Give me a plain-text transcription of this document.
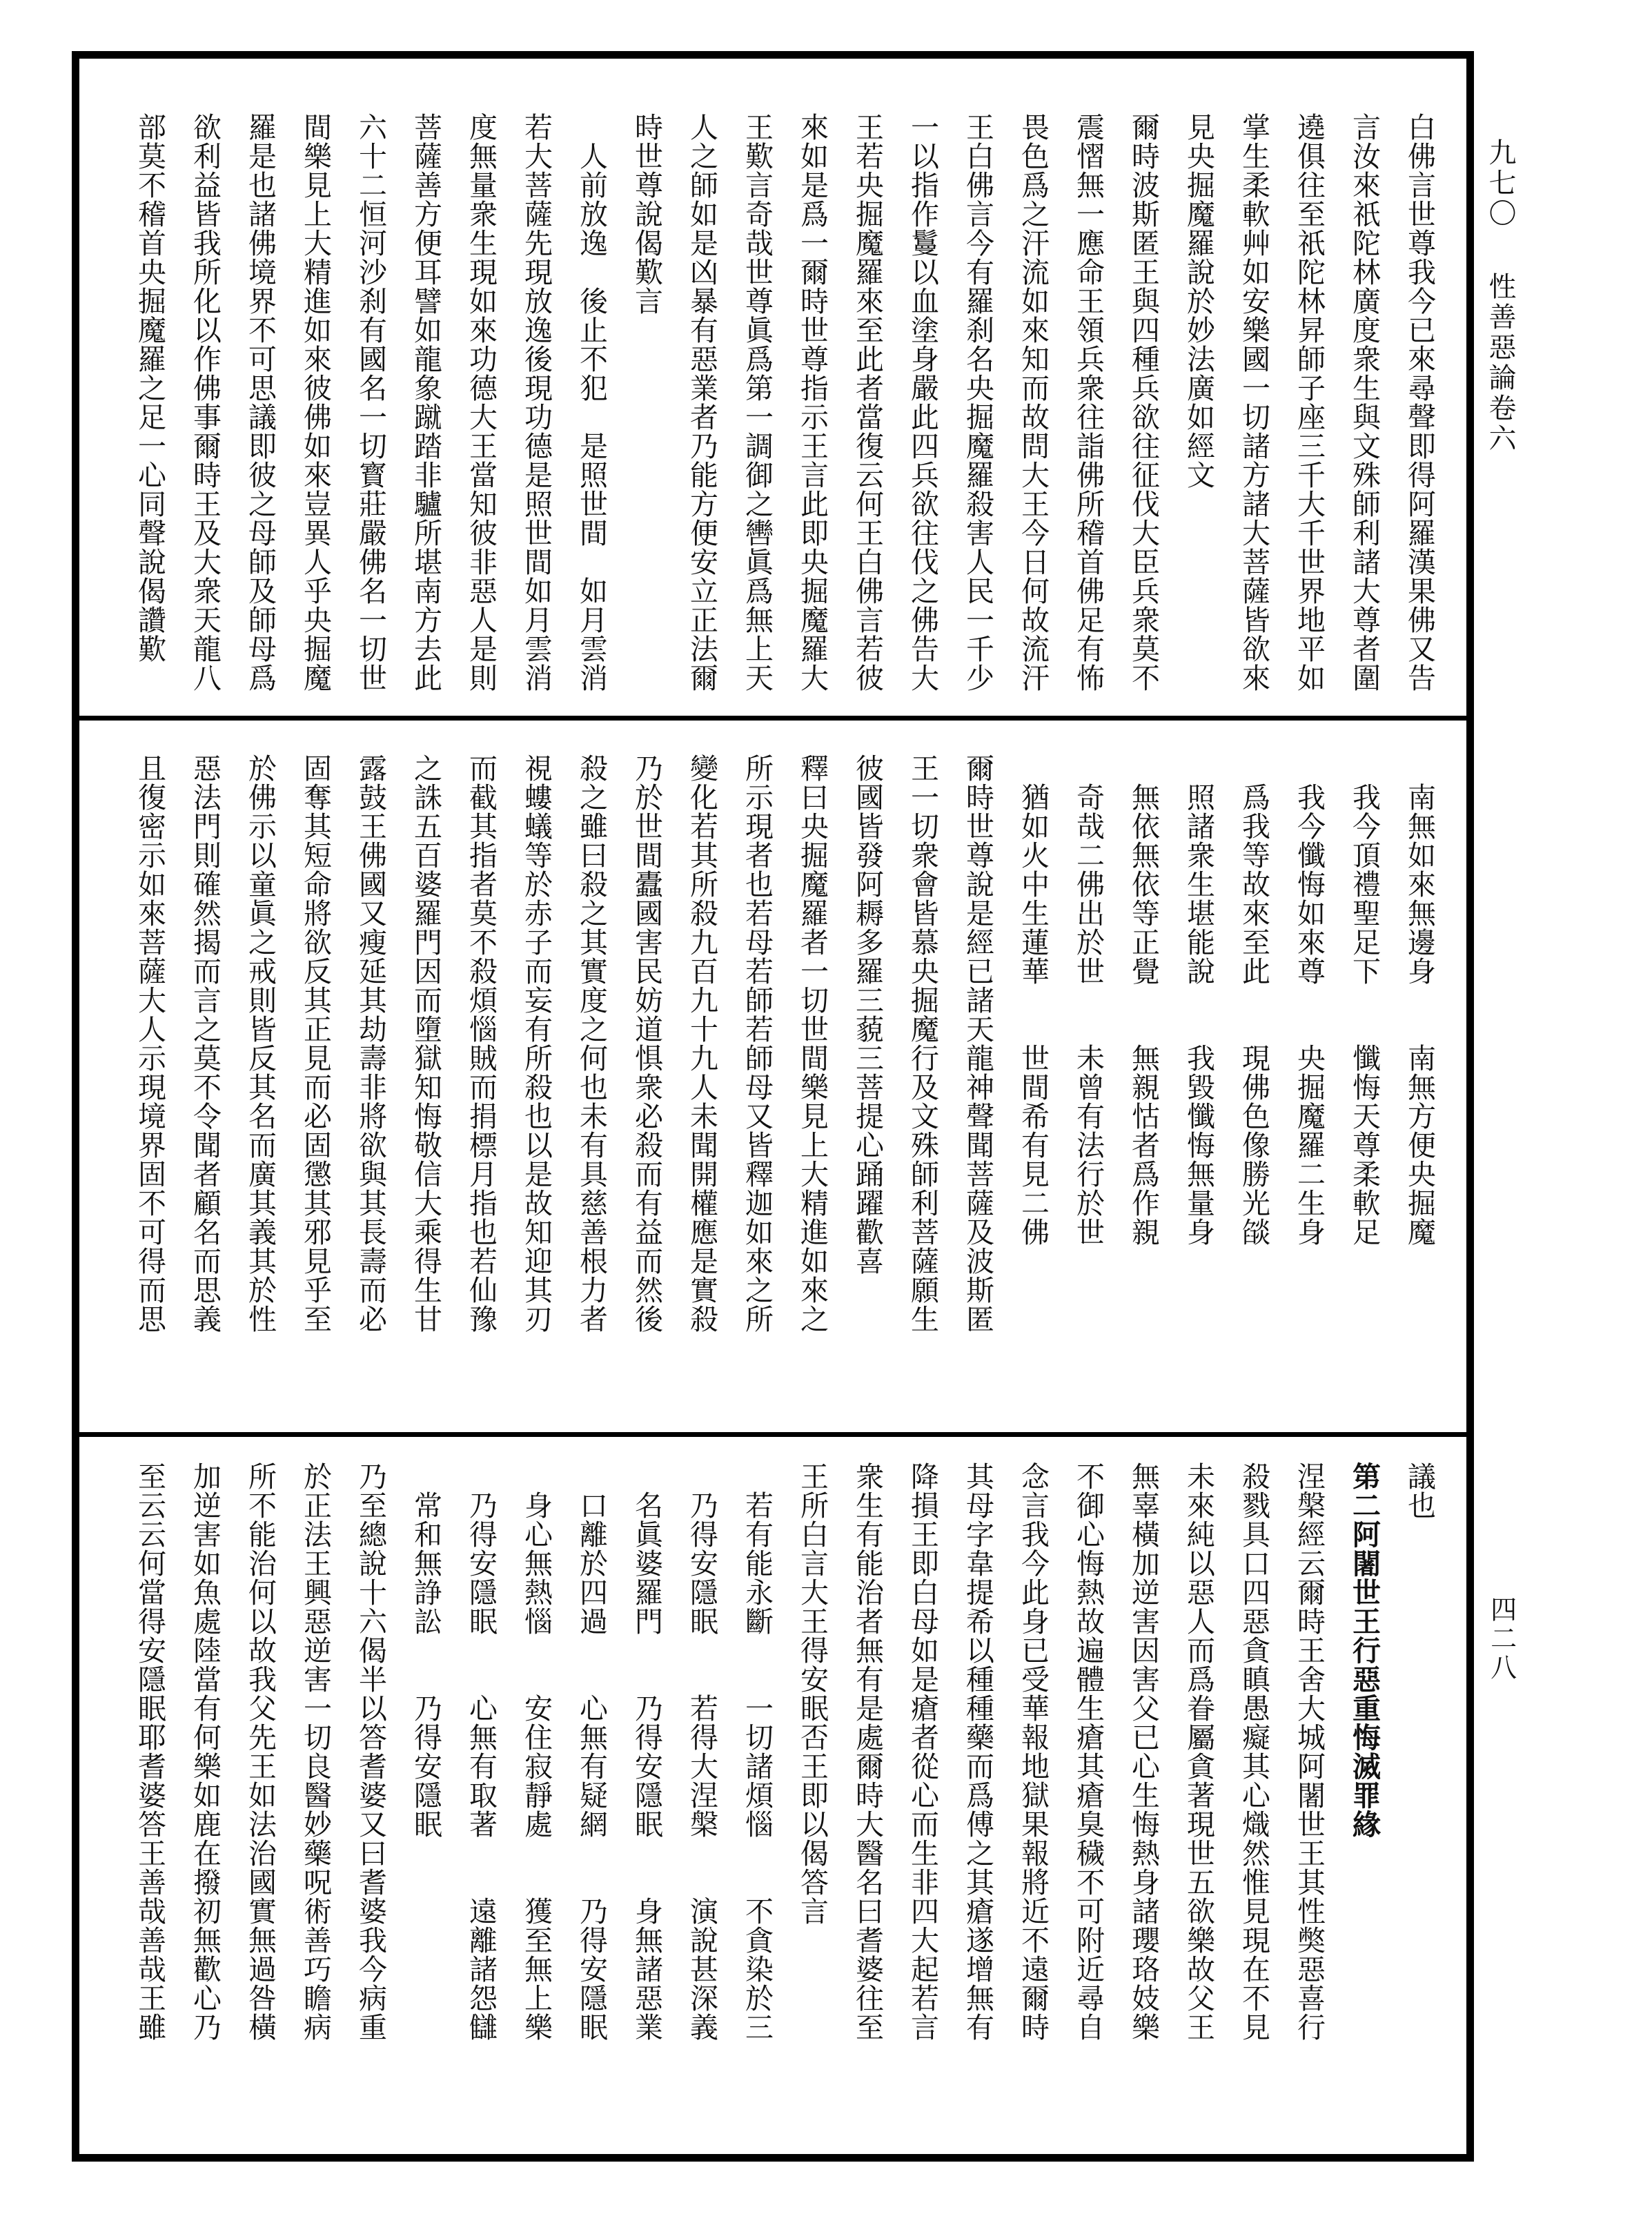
白佛言世尊我今已來尋聲即得阿羅漢果佛又告
言汝來祇陀林廣度衆生與文殊師利諸大尊者圍
遶俱往至祇陀林昇師子座三千大千世界地平如
掌生柔軟艸如安樂國一切諸方諸大菩薩皆欲來
見央掘魔羅說於妙法廣如經文
爾時波斯匿王與四種兵欲往征伐大臣兵衆莫不
震慴無一應命王領兵衆往詣佛所稽首佛足有怖
畏色爲之汗流如來知而故問大王今日何故流汗
王白佛言今有羅刹名央掘魔羅殺害人民一千少
一以指作鬘以血塗身嚴此四兵欲往伐之佛告大
王若央掘魔羅來至此者當復云何王白佛言若彼
來如是爲一爾時世尊指示王言此即央掘魔羅大
王歎言奇哉世尊眞爲第一調御之轡眞爲無上天
人之師如是凶暴有惡業者乃能方便安立正法爾
時世尊說偈歎言
　人前放逸　後止不犯　是照世間　如月雲消
若大菩薩先現放逸後現功德是照世間如月雲消
度無量衆生現如來功德大王當知彼非惡人是則
菩薩善方便耳譬如龍象蹴踏非驢所堪南方去此
六十二恒河沙刹有國名一切寳莊嚴佛名一切世
間樂見上大精進如來彼佛如來豈異人乎央掘魔
羅是也諸佛境界不可思議即彼之母師及師母爲
欲利益皆我所化以作佛事爾時王及大衆天龍八
部莫不稽首央掘魔羅之足一心同聲說偈讚歎
　南無如來無邊身　　南無方便央掘魔
　我今頂禮聖足下　　懺悔天尊柔軟足
　我今懺悔如來尊　　央掘魔羅二生身
　爲我等故來至此　　現佛色像勝光燄
　照諸衆生堪能說　　我毀懺悔無量身
　無依無依等正覺　　無親怙者爲作親
　奇哉二佛出於世　　未曾有法行於世
　猶如火中生蓮華　　世間希有見二佛
爾時世尊說是經已諸天龍神聲聞菩薩及波斯匿
王一切衆會皆慕央掘魔行及文殊師利菩薩願生
彼國皆發阿耨多羅三藐三菩提心踊躍歡喜
釋曰央掘魔羅者一切世間樂見上大精進如來之
所示現者也若母若師若師母又皆釋迦如來之所
變化若其所殺九百九十九人未聞開權應是實殺
乃於世間蠹國害民妨道惧衆必殺而有益而然後
殺之雖曰殺之其實度之何也未有具慈善根力者
視螻蟻等於赤子而妄有所殺也以是故知迎其刃
而截其指者莫不殺煩惱賊而捐標月指也若仙豫
之誅五百婆羅門因而墮獄知悔敬信大乘得生甘
露鼓王佛國又瘦延其劫壽非將欲與其長壽而必
固奪其短命將欲反其正見而必固懲其邪見乎至
於佛示以童眞之戒則皆反其名而廣其義其於性
惡法門則確然揭而言之莫不令聞者顧名而思義
且復密示如來菩薩大人示現境界固不可得而思
議也
第二阿闍世王行惡重悔滅罪緣
涅槃經云爾時王舍大城阿闍世王其性獘惡喜行
殺戮具口四惡貪瞋愚癡其心熾然惟見現在不見
未來純以惡人而爲眷屬貪著現世五欲樂故父王
無辜橫加逆害因害父已心生悔熱身諸瓔珞妓樂
不御心悔熱故遍體生瘡其瘡臭穢不可附近尋自
念言我今此身已受華報地獄果報將近不遠爾時
其母字韋提希以種種藥而爲傅之其瘡遂增無有
降損王即白母如是瘡者從心而生非四大起若言
衆生有能治者無有是處爾時大醫名曰耆婆往至
王所白言大王得安眠否王即以偈答言
　若有能永斷　　一切諸煩惱　　不貪染於三
　乃得安隱眠　　若得大涅槃　　演說甚深義
　名眞婆羅門　　乃得安隱眠　　身無諸惡業
　口離於四過　　心無有疑網　　乃得安隱眠
　身心無熱惱　　安住寂靜處　　獲至無上樂
　乃得安隱眠　　心無有取著　　遠離諸怨讎
　常和無諍訟　　乃得安隱眠
乃至總說十六偈半以答耆婆又曰耆婆我今病重
於正法王興惡逆害一切良醫妙藥呪術善巧瞻病
所不能治何以故我父先王如法治國實無過咎橫
加逆害如魚處陸當有何樂如鹿在撥初無歡心乃
至云云何當得安隱眠耶耆婆答王善哉善哉王雖
九七〇性善惡論卷六
四二八
